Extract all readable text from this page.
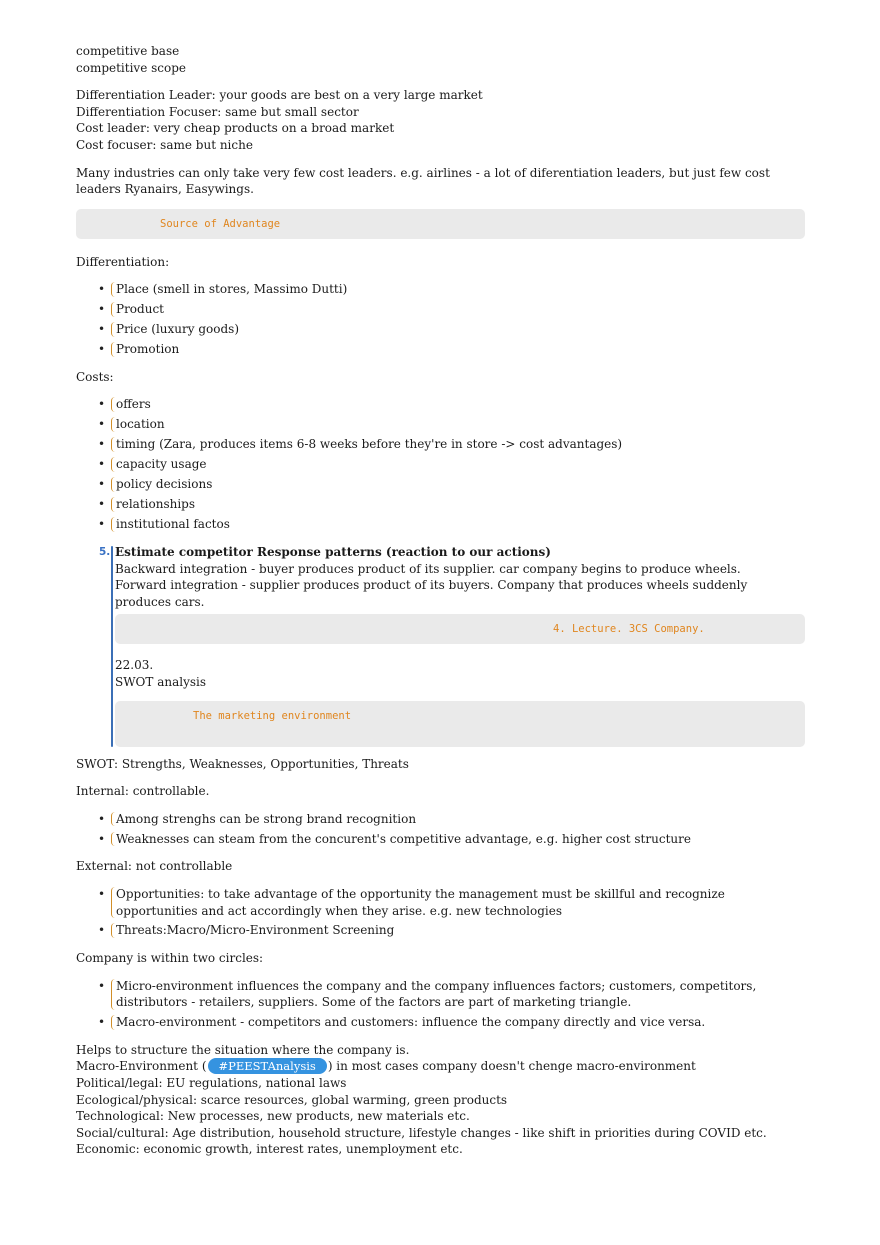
competitive base
competitive scope

Differentiation Leader: your goods are best on a very large market
Differentiation Focuser: same but small sector
Cost leader: very cheap products on a broad market
Cost focuser: same but niche

Many industries can only take very few cost leaders. e.g. airlines - a lot of diferentiation leaders, but just few cost leaders Ryanairs, Easywings.

Source of Advantage

Differentiation:

• Place (smell in stores, Massimo Dutti)
• Product
• Price (luxury goods)
• Promotion

Costs:

• offers
• location
• timing (Zara, produces items 6-8 weeks before they're in store -> cost advantages)
• capacity usage
• policy decisions
• relationships
• institutional factos
5. Estimate competitor Response patterns (reaction to our actions)
Backward integration - buyer produces product of its supplier. car company begins to produce wheels.
Forward integration - supplier produces product of its buyers. Company that produces wheels suddenly produces cars.
4. Lecture. 3CS Company.
22.03.
SWOT analysis
The marketing environment

SWOT: Strengths, Weaknesses, Opportunities, Threats

Internal: controllable.

• Among strenghs can be strong brand recognition
• Weaknesses can steam from the concurent's competitive advantage, e.g. higher cost structure

External: not controllable

• Opportunities: to take advantage of the opportunity the management must be skillful and recognize opportunities and act accordingly when they arise. e.g. new technologies
• Threats:Macro/Micro-Environment Screening

Company is within two circles:

• Micro-environment influences the company and the company influences factors; customers, competitors, distributors - retailers, suppliers. Some of the factors are part of marketing triangle.
• Macro-environment - competitors and customers: influence the company directly and vice versa.

Helps to structure the situation where the company is.
Macro-Environment ( #PEESTAnalysis ) in most cases company doesn't chenge macro-environment
Political/legal: EU regulations, national laws
Ecological/physical: scarce resources, global warming, green products
Technological: New processes, new products, new materials etc.
Social/cultural: Age distribution, household structure, lifestyle changes - like shift in priorities during COVID etc.
Economic: economic growth, interest rates, unemployment etc.
